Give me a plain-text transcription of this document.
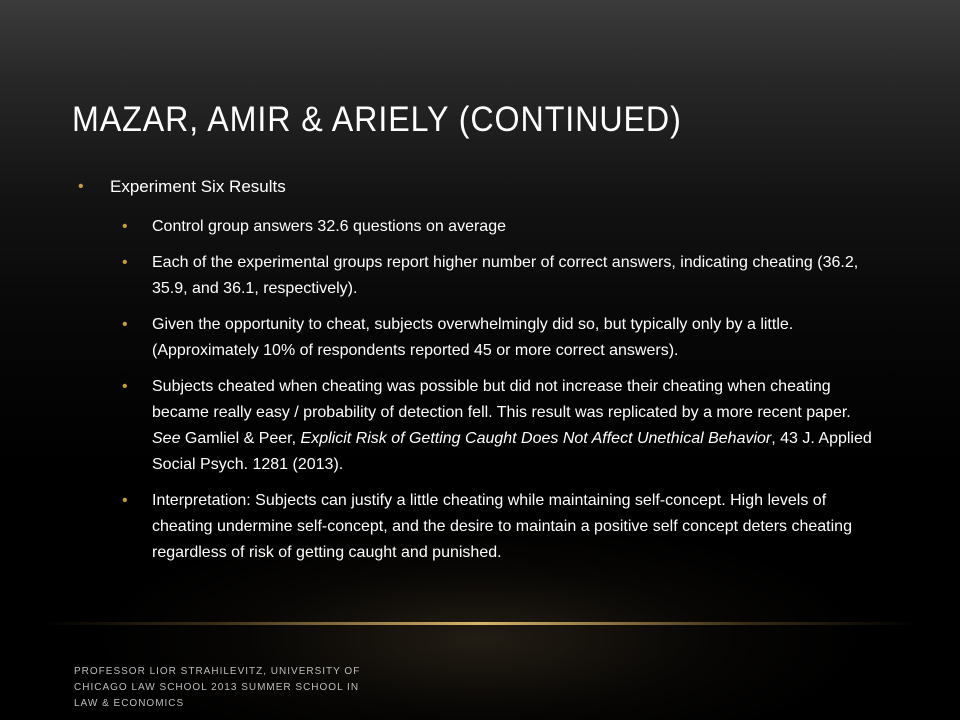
MAZAR, AMIR & ARIELY (CONTINUED)
• Experiment Six Results
• Control group answers 32.6 questions on average
• Each of the experimental groups report higher number of correct answers, indicating cheating (36.2, 35.9, and 36.1, respectively).
• Given the opportunity to cheat, subjects overwhelmingly did so, but typically only by a little. (Approximately 10% of respondents reported 45 or more correct answers).
• Subjects cheated when cheating was possible but did not increase their cheating when cheating became really easy / probability of detection fell. This result was replicated by a more recent paper. See Gamliel & Peer, Explicit Risk of Getting Caught Does Not Affect Unethical Behavior, 43 J. Applied Social Psych. 1281 (2013).
• Interpretation: Subjects can justify a little cheating while maintaining self-concept. High levels of cheating undermine self-concept, and the desire to maintain a positive self concept deters cheating regardless of risk of getting caught and punished.
PROFESSOR LIOR STRAHILEVITZ, UNIVERSITY OF CHICAGO LAW SCHOOL 2013 SUMMER SCHOOL IN LAW & ECONOMICS
